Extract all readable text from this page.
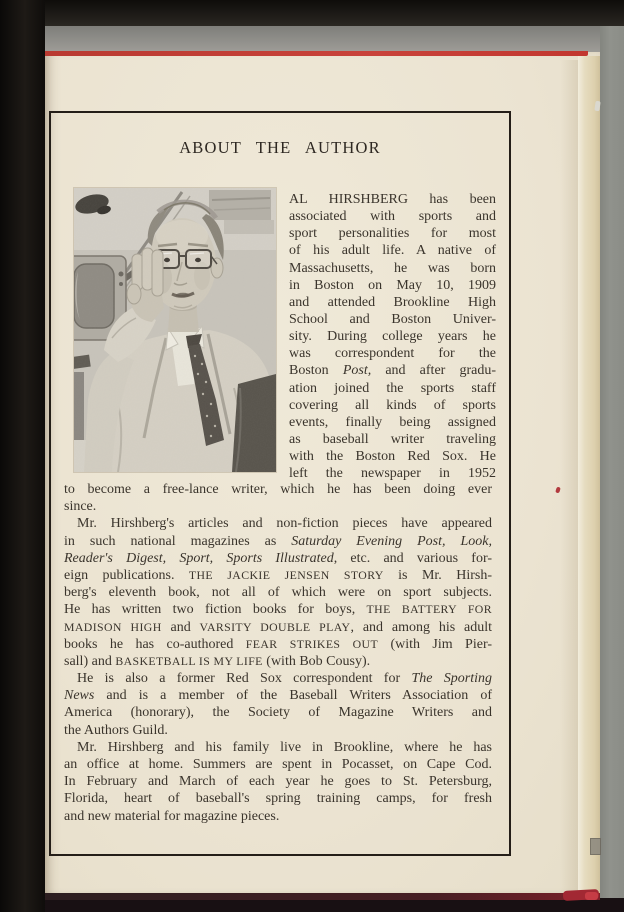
ABOUT THE AUTHOR
AL HIRSHBERG has been
associated with sports and
sport personalities for most
of his adult life. A native of
Massachusetts, he was born
in Boston on May 10, 1909
and attended Brookline High
School and Boston Univer-
sity. During college years he
was correspondent for the
Boston Post, and after gradu-
ation joined the sports staff
covering all kinds of sports
events, finally being assigned
as baseball writer traveling
with the Boston Red Sox. He
left the newspaper in 1952
to become a free-lance writer, which he has been doing ever
since.
Mr. Hirshberg's articles and non-fiction pieces have appeared
in such national magazines as Saturday Evening Post, Look,
Reader's Digest, Sport, Sports Illustrated, etc. and various for-
eign publications. THE JACKIE JENSEN STORY is Mr. Hirsh-
berg's eleventh book, not all of which were on sport subjects.
He has written two fiction books for boys, THE BATTERY FOR
MADISON HIGH and VARSITY DOUBLE PLAY, and among his adult
books he has co-authored FEAR STRIKES OUT (with Jim Pier-
sall) and BASKETBALL IS MY LIFE (with Bob Cousy).
He is also a former Red Sox correspondent for The Sporting
News and is a member of the Baseball Writers Association of
America (honorary), the Society of Magazine Writers and
the Authors Guild.
Mr. Hirshberg and his family live in Brookline, where he has
an office at home. Summers are spent in Pocasset, on Cape Cod.
In February and March of each year he goes to St. Petersburg,
Florida, heart of baseball's spring training camps, for fresh
and new material for magazine pieces.
